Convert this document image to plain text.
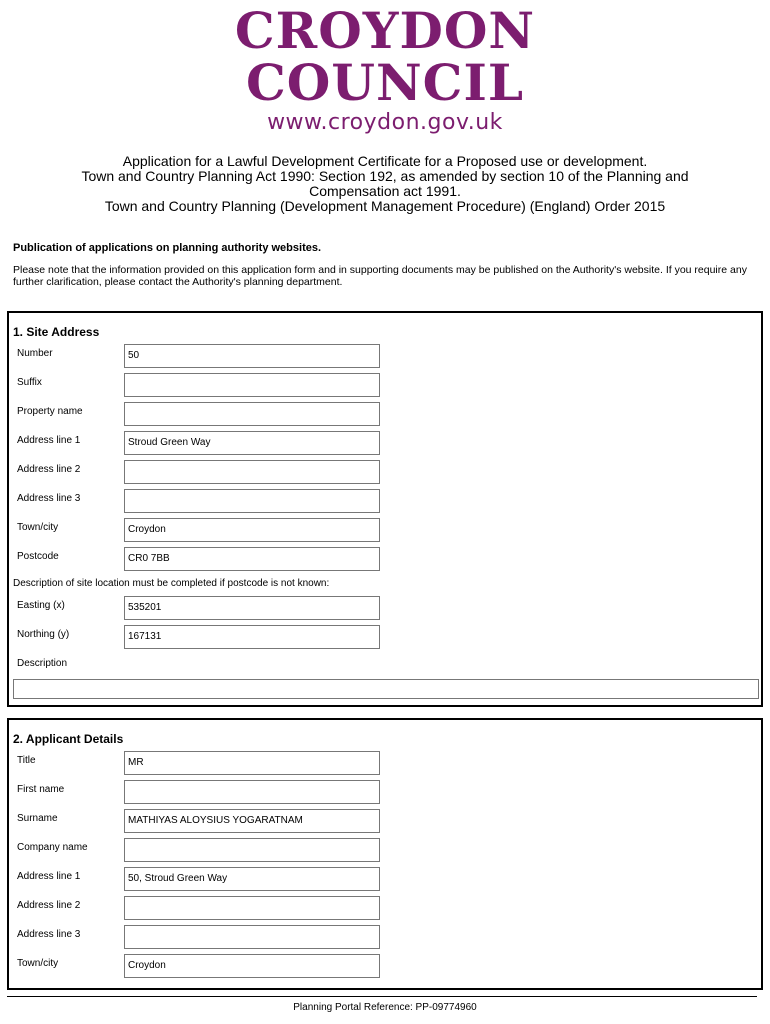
CROYDON
COUNCIL
www.croydon.gov.uk
Application for a Lawful Development Certificate for a Proposed use or development.
Town and Country Planning Act 1990: Section 192, as amended by section 10 of the Planning and
Compensation act 1991.
Town and Country Planning (Development Management Procedure) (England) Order 2015
Publication of applications on planning authority websites.
Please note that the information provided on this application form and in supporting documents may be published on the Authority's website. If you require any further clarification, please contact the Authority's planning department.
1. Site Address
Number	50
Suffix
Property name
Address line 1	Stroud Green Way
Address line 2
Address line 3
Town/city	Croydon
Postcode	CR0 7BB
Description of site location must be completed if postcode is not known:
Easting (x)	535201
Northing (y)	167131
Description
2. Applicant Details
Title	MR
First name
Surname	MATHIYAS ALOYSIUS YOGARATNAM
Company name
Address line 1	50, Stroud Green Way
Address line 2
Address line 3
Town/city	Croydon
Planning Portal Reference: PP-09774960
